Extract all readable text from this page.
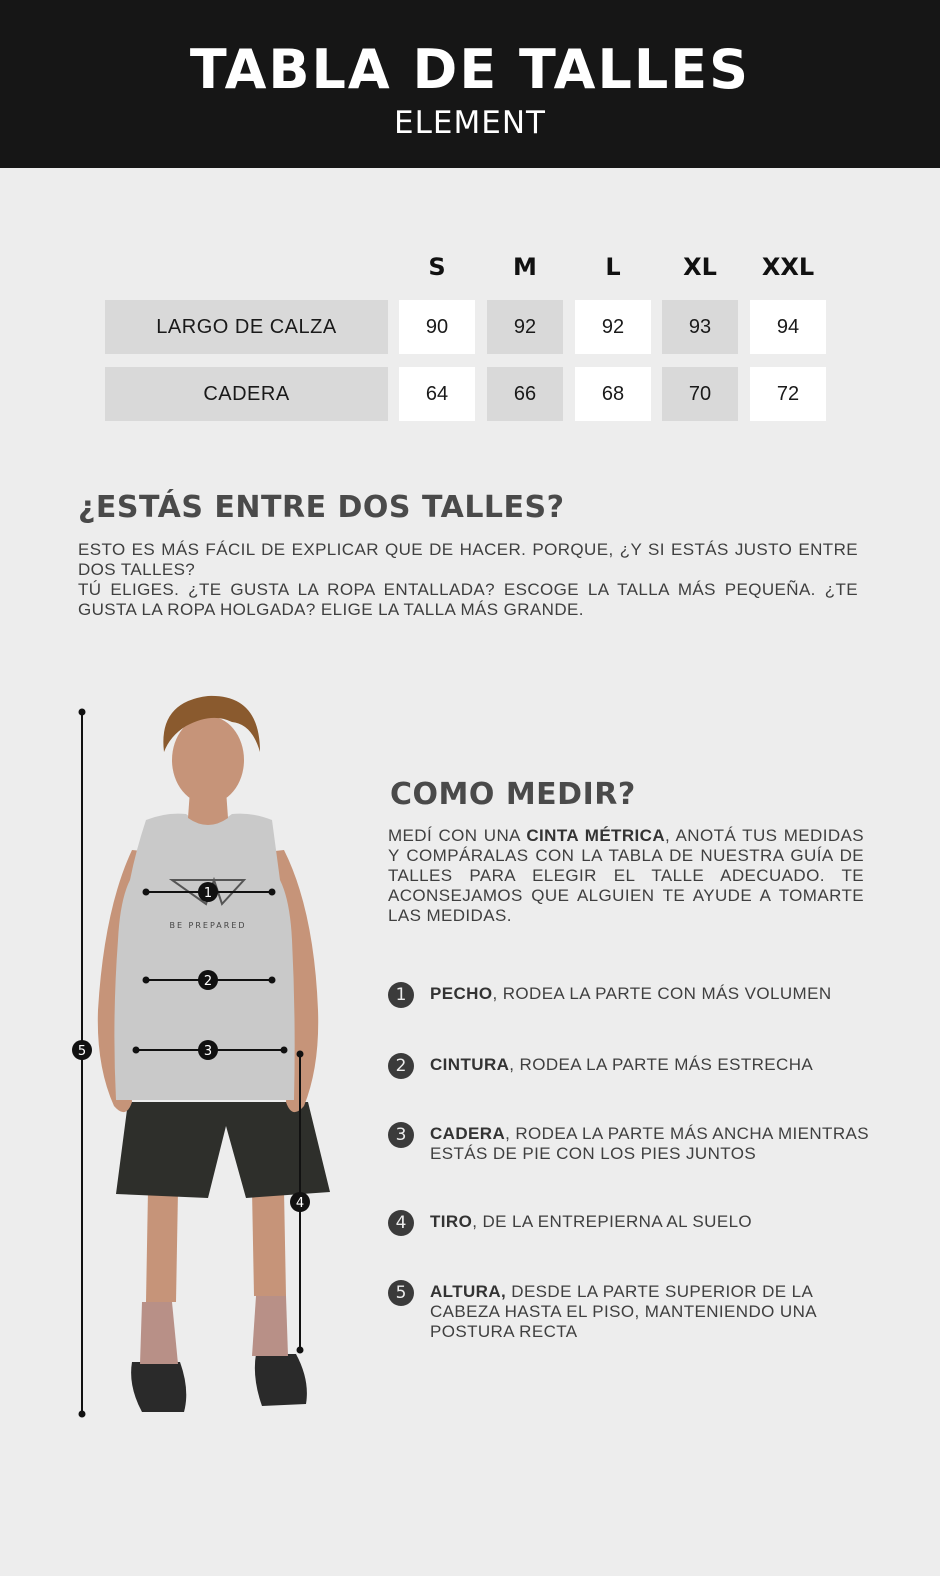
TABLA DE TALLES
ELEMENT
S	M	L	XL	XXL
LARGO DE CALZA	90	92	92	93	94
CADERA	64	66	68	70	72
¿ESTÁS ENTRE DOS TALLES?

ESTO ES MÁS FÁCIL DE EXPLICAR QUE DE HACER. PORQUE, ¿Y SI ESTÁS JUSTO ENTRE DOS TALLES?

TÚ ELIGES. ¿TE GUSTA LA ROPA ENTALLADA? ESCOGE LA TALLA MÁS PEQUEÑA. ¿TE GUSTA LA ROPA HOLGADA? ELIGE LA TALLA MÁS GRANDE.

BE PREPARED
1
2
3
4
5
COMO MEDIR?
MEDÍ CON UNA CINTA MÉTRICA, ANOTÁ TUS MEDIDAS Y COMPÁRALAS CON LA TABLA DE NUESTRA GUÍA DE TALLES PARA ELEGIR EL TALLE ADECUADO. TE ACONSEJAMOS QUE ALGUIEN TE AYUDE A TOMARTE LAS MEDIDAS.
1	PECHO, RODEA LA PARTE CON MÁS VOLUMEN
2	CINTURA, RODEA LA PARTE MÁS ESTRECHA
3	CADERA, RODEA LA PARTE MÁS ANCHA MIENTRAS ESTÁS DE PIE CON LOS PIES JUNTOS
4	TIRO, DE LA ENTREPIERNA AL SUELO
5	ALTURA, DESDE LA PARTE SUPERIOR DE LA CABEZA HASTA EL PISO, MANTENIENDO UNA POSTURA RECTA
